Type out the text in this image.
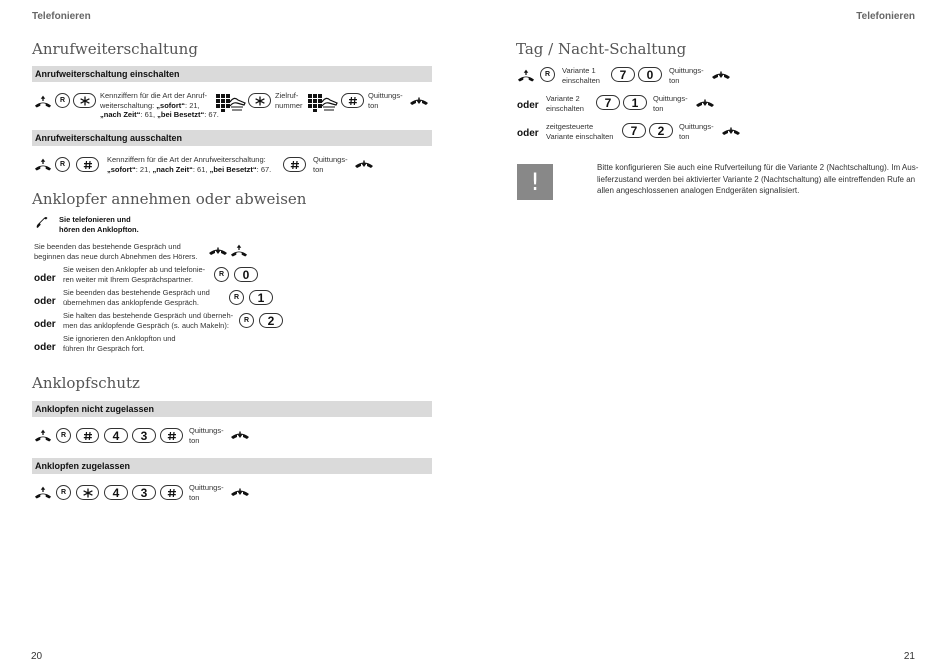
Telefonieren	Telefonieren
20	21
Anrufweiterschaltung
Anrufweiterschaltung einschalten
R
Kennziffern für die Art der Anruf-
weiterschaltung: „sofort“: 21,
„nach Zeit“: 61, „bei Besetzt“: 67.
Zielruf-
nummer
Quittungs-
ton
Anrufweiterschaltung ausschalten
R
Kennziffern für die Art der Anrufweiterschaltung:
„sofort“: 21, „nach Zeit“: 61, „bei Besetzt“: 67.
Quittungs-
ton
Anklopfer annehmen oder abweisen
Sie telefonieren und
hören den Anklopfton.
Sie beenden das bestehende Gespräch und
beginnen das neue durch Abnehmen des Hörers.
oder
Sie weisen den Anklopfer ab und telefonie-
ren weiter mit Ihrem Gesprächspartner.	R 0
oder
Sie beenden das bestehende Gespräch und
übernehmen das anklopfende Gespräch.	R 1
oder
Sie halten das bestehende Gespräch und überneh-
men das anklopfende Gespräch (s. auch Makeln):	R 2
oder
Sie ignorieren den Anklopfton und
führen Ihr Gespräch fort.
Anklopfschutz
Anklopfen nicht zugelassen
R	4 3	Quittungs-
ton
Anklopfen zugelassen
R	4 3	Quittungs-
ton
Tag / Nacht-Schaltung
R Variante 1
einschalten 7 0 Quittungs-
ton
oder
Variante 2
einschalten 7 1 Quittungs-
ton
oder
zeitgesteuerte
Variante einschalten 7 2 Quittungs-
ton
!
Bitte konfigurieren Sie auch eine Rufverteilung für die Variante 2 (Nachtschaltung). Im Aus-
lieferzustand werden bei aktivierter Variante 2 (Nachtschaltung) alle eintreffenden Rufe an
allen angeschlossenen analogen Endgeräten signalisiert.
